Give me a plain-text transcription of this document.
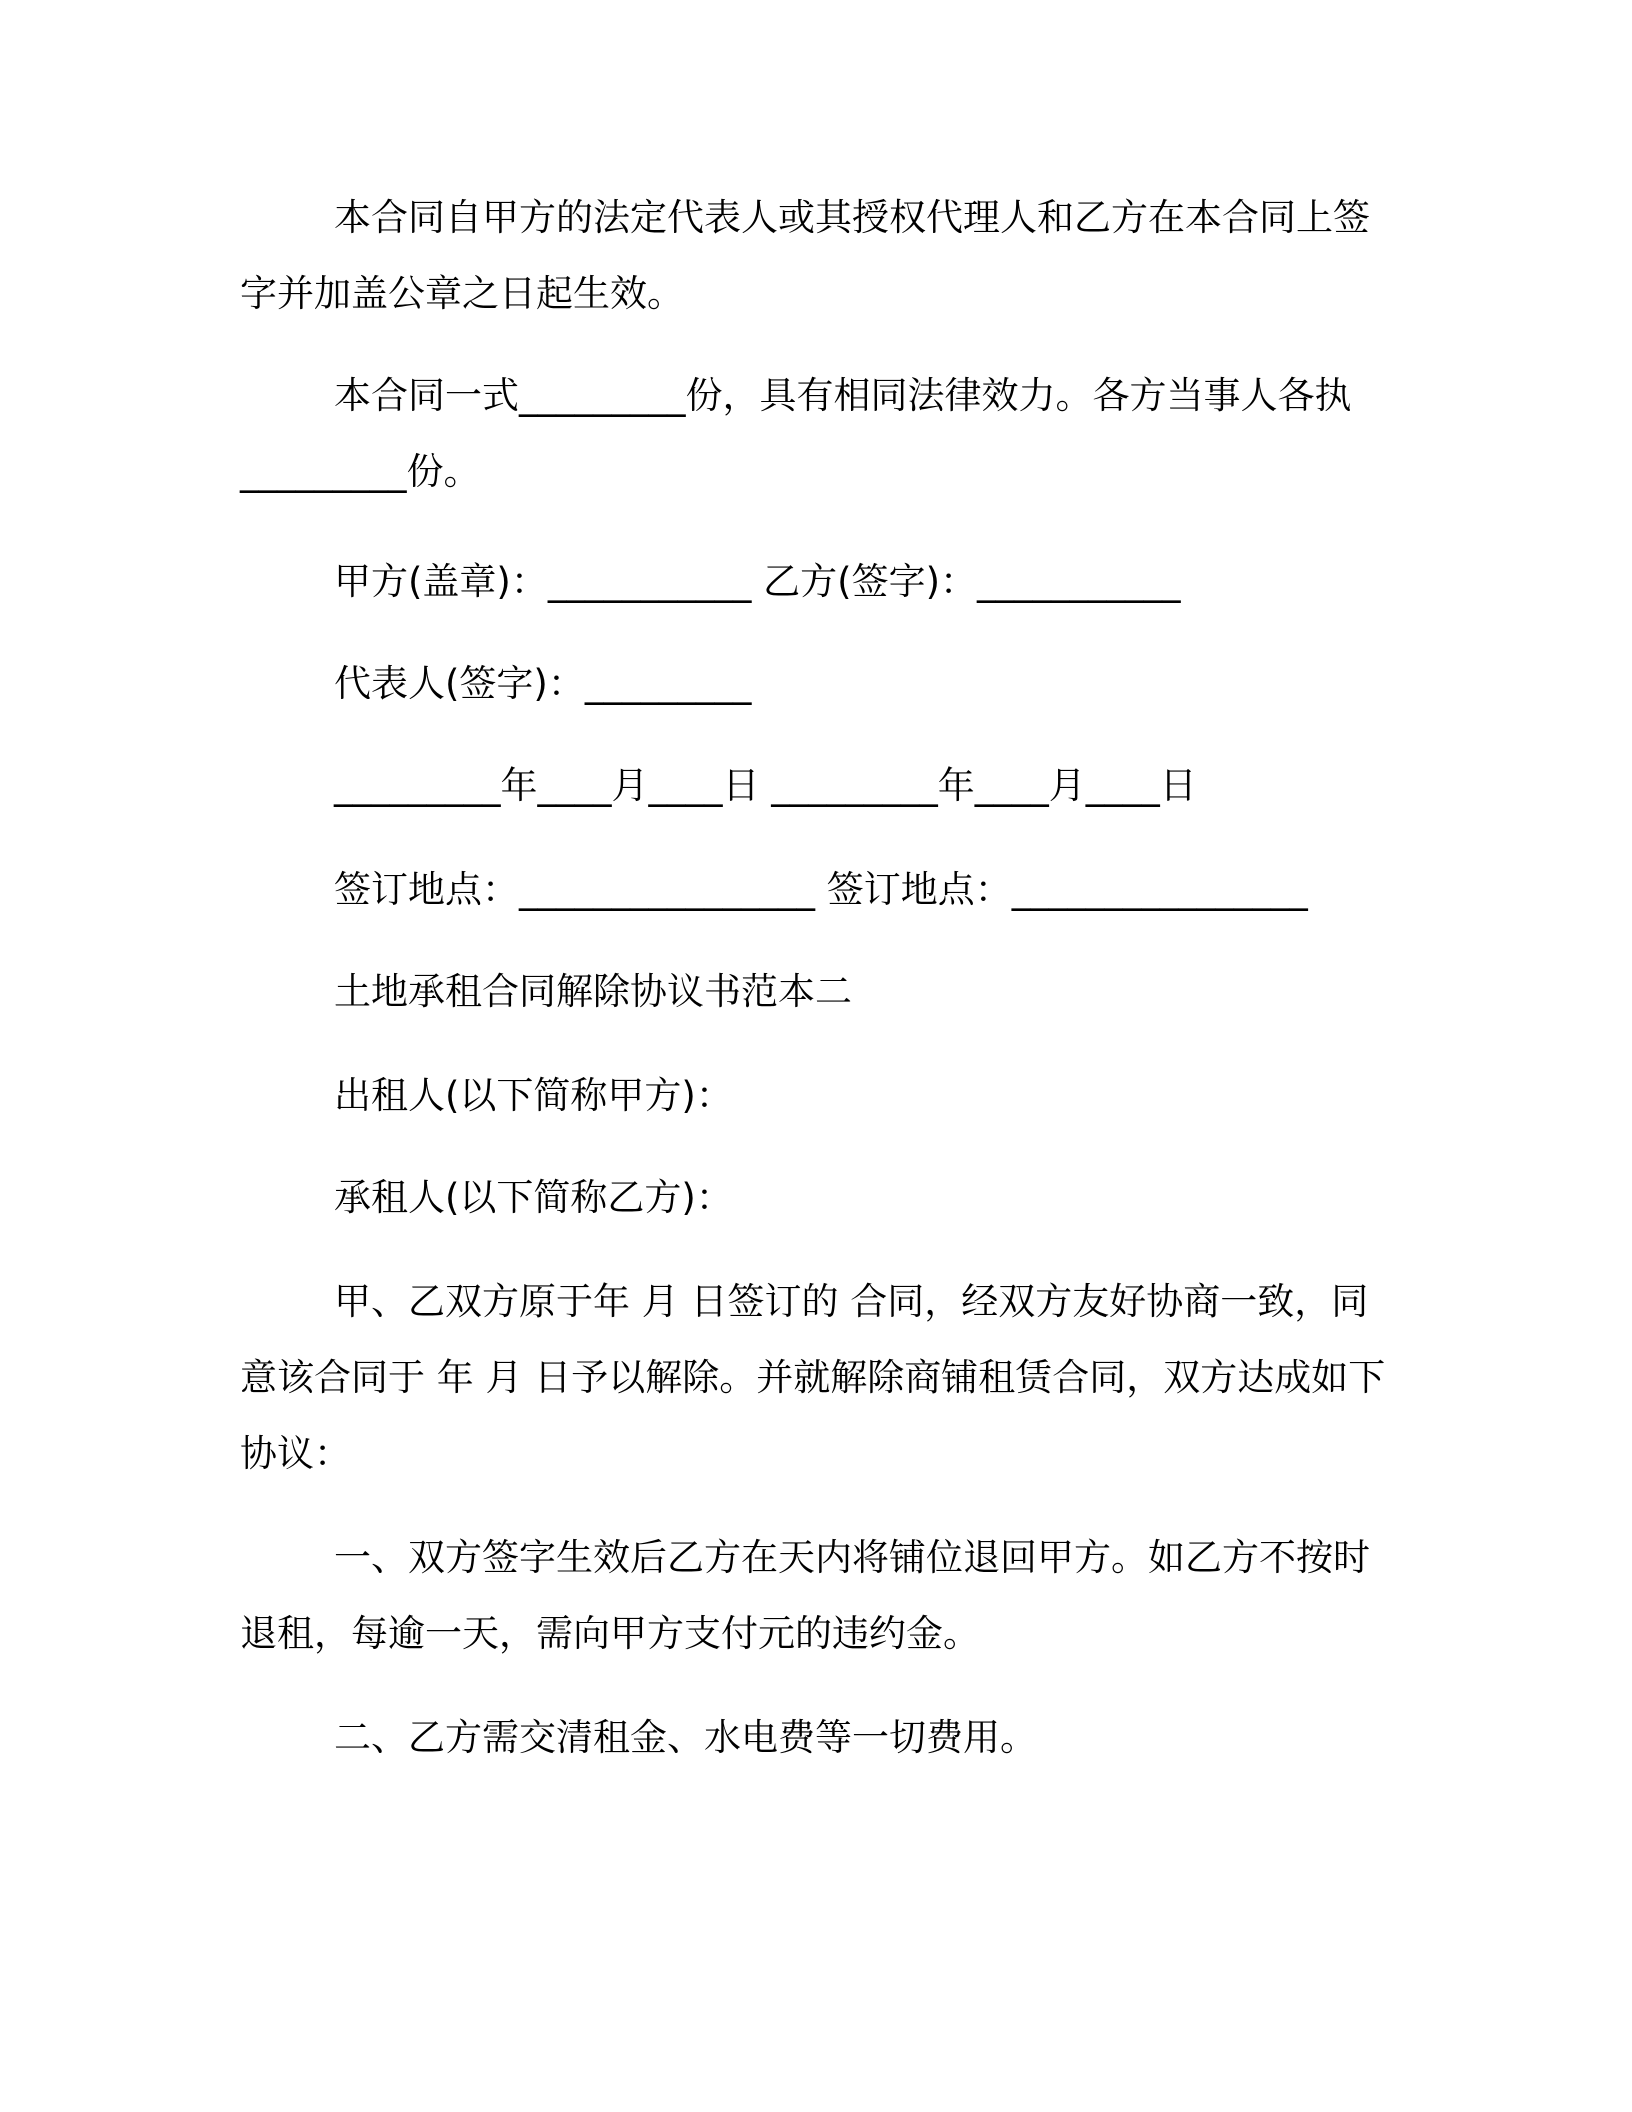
本合同自甲方的法定代表人或其授权代理人和乙方在本合同上签
字并加盖公章之日起生效。
本合同一式_________份，具有相同法律效力。各方当事人各执
_________份。
甲方(盖章)：___________ 乙方(签字)：___________
代表人(签字)：_________
_________年____月____日 _________年____月____日
签订地点：________________ 签订地点：________________
土地承租合同解除协议书范本二
出租人(以下简称甲方)：
承租人(以下简称乙方)：
甲、乙双方原于年 月 日签订的 合同，经双方友好协商一致，同
意该合同于 年 月 日予以解除。并就解除商铺租赁合同，双方达成如下
协议：
一、双方签字生效后乙方在天内将铺位退回甲方。如乙方不按时
退租，每逾一天，需向甲方支付元的违约金。
二、乙方需交清租金、水电费等一切费用。
